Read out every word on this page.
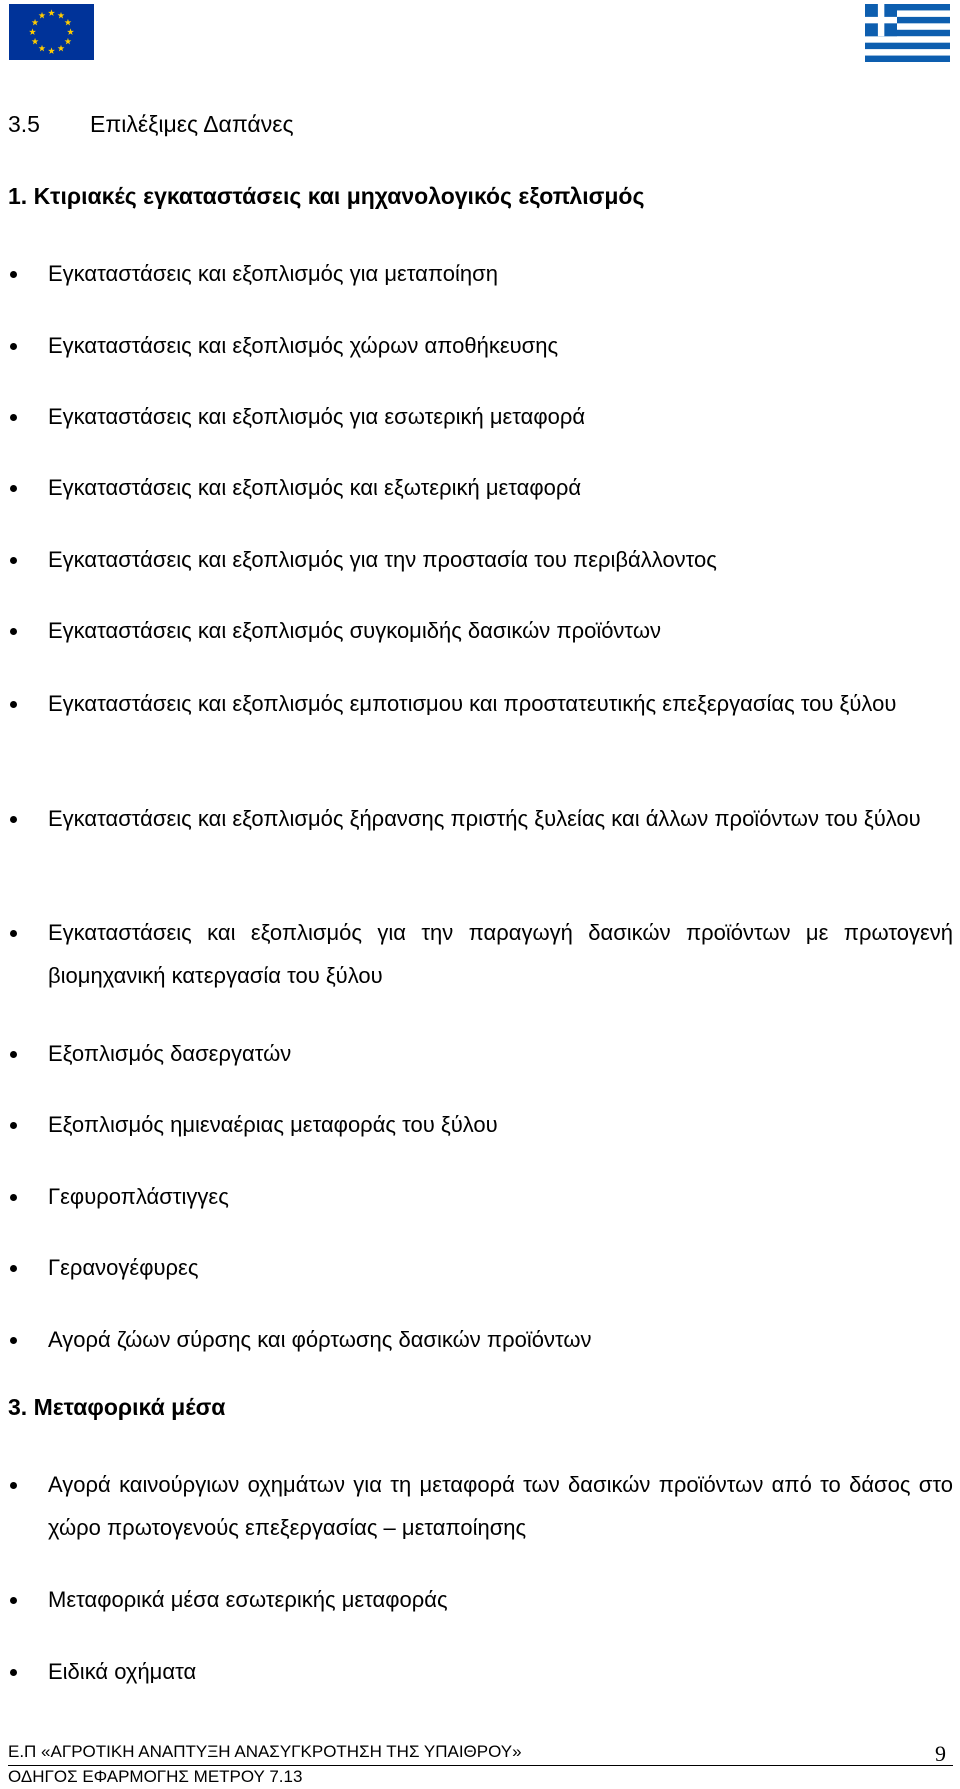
3.5 Επιλέξιμες Δαπάνες
1. Κτιριακές εγκαταστάσεις και μηχανολογικός εξοπλισμός
Εγκαταστάσεις και εξοπλισμός για μεταποίηση
Εγκαταστάσεις και εξοπλισμός χώρων αποθήκευσης
Εγκαταστάσεις και εξοπλισμός για εσωτερική μεταφορά
Εγκαταστάσεις και εξοπλισμός και εξωτερική μεταφορά
Εγκαταστάσεις και εξοπλισμός για την προστασία του περιβάλλοντος
Εγκαταστάσεις και εξοπλισμός συγκομιδής δασικών προϊόντων
Εγκαταστάσεις και εξοπλισμός εμποτισμου και προστατευτικής επεξεργασίας του ξύλου
Εγκαταστάσεις και εξοπλισμός ξήρανσης πριστής ξυλείας και άλλων προϊόντων του ξύλου
Εγκαταστάσεις και εξοπλισμός για την παραγωγή δασικών προϊόντων με πρωτογενή βιομηχανική κατεργασία του ξύλου
Εξοπλισμός δασεργατών
Εξοπλισμός ημιεναέριας μεταφοράς του ξύλου
Γεφυροπλάστιγγες
Γερανογέφυρες
Αγορά ζώων σύρσης και φόρτωσης δασικών προϊόντων
3. Μεταφορικά μέσα
Αγορά καινούργιων οχημάτων για τη μεταφορά των δασικών προϊόντων από το δάσος στο χώρο πρωτογενούς επεξεργασίας – μεταποίησης
Μεταφορικά μέσα εσωτερικής μεταφοράς
Ειδικά οχήματα
Ε.Π «ΑΓΡΟΤΙΚΗ ΑΝΑΠΤΥΞΗ ΑΝΑΣΥΓΚΡΟΤΗΣΗ ΤΗΣ ΥΠΑΙΘΡΟΥ»
ΟΔΗΓΟΣ ΕΦΑΡΜΟΓΗΣ ΜΕΤΡΟΥ 7.13
9
